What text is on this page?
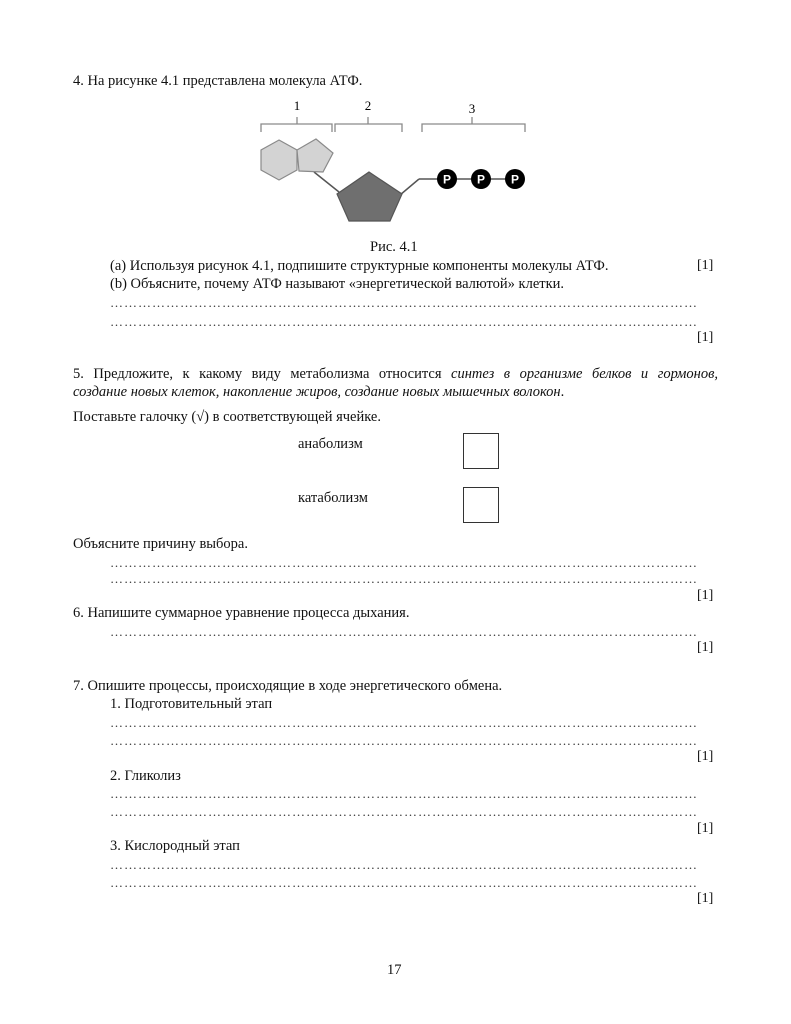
4. На рисунке 4.1 представлена молекула АТФ.
1	2	3
P P P
Рис. 4.1
(a) Используя рисунок 4.1, подпишите структурные компоненты молекулы АТФ.	[1]
(b) Объясните, почему АТФ называют «энергетической валютой» клетки.
………………………………………………………………………………………………………………
………………………………………………………………………………………………………………
[1]
5. Предложите, к какому виду метаболизма относится синтез в организме белков и гормонов,
создание новых клеток, накопление жиров, создание новых мышечных волокон.
Поставьте галочку (√) в соответствующей ячейке.
анаболизм
катаболизм
Объясните причину выбора.
………………………………………………………………………………………………………………
………………………………………………………………………………………………………………
[1]
6. Напишите суммарное уравнение процесса дыхания.
………………………………………………………………………………………………………………
[1]
7. Опишите процессы, происходящие в ходе энергетического обмена.
1. Подготовительный этап
………………………………………………………………………………………………………………
………………………………………………………………………………………………………………
[1]
2. Гликолиз
………………………………………………………………………………………………………………
………………………………………………………………………………………………………………
[1]
3. Кислородный этап
………………………………………………………………………………………………………………
………………………………………………………………………………………………………………
[1]
17
